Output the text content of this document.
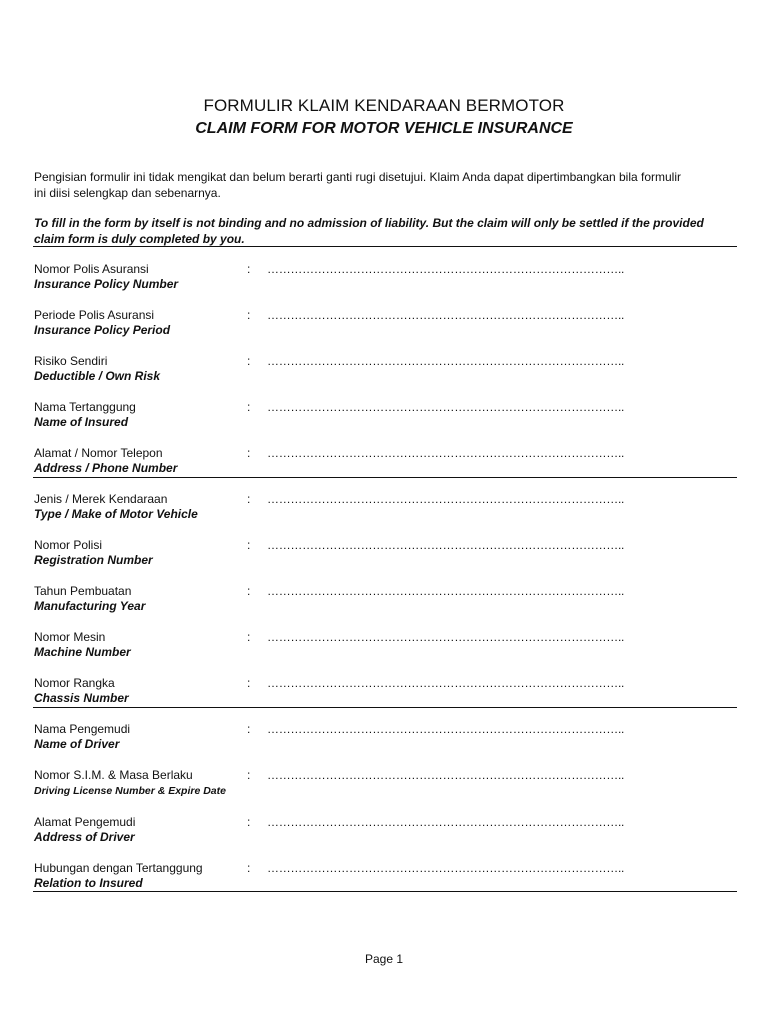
FORMULIR KLAIM KENDARAAN BERMOTOR
CLAIM FORM FOR MOTOR VEHICLE INSURANCE
Pengisian formulir ini tidak mengikat dan belum berarti ganti rugi disetujui. Klaim Anda dapat dipertimbangkan bila formulir ini diisi selengkap dan sebenarnya.
To fill in the form by itself is not binding and no admission of liability. But the claim will only be settled if the provided claim form is duly completed by you.
Nomor Polis Asuransi
Insurance Policy Number
: ………………………………………………………………………………..
Periode Polis Asuransi
Insurance Policy Period
: ………………………………………………………………………………..
Risiko Sendiri
Deductible / Own Risk
: ………………………………………………………………………………..
Nama Tertanggung
Name of Insured
: ………………………………………………………………………………..
Alamat / Nomor Telepon
Address / Phone Number
: ………………………………………………………………………………..
Jenis / Merek Kendaraan
Type / Make of Motor Vehicle
: ………………………………………………………………………………..
Nomor Polisi
Registration Number
: ………………………………………………………………………………..
Tahun Pembuatan
Manufacturing Year
: ………………………………………………………………………………..
Nomor Mesin
Machine Number
: ………………………………………………………………………………..
Nomor Rangka
Chassis Number
: ………………………………………………………………………………..
Nama Pengemudi
Name of Driver
: ………………………………………………………………………………..
Nomor S.I.M. & Masa Berlaku
Driving License Number & Expire Date
: ………………………………………………………………………………..
Alamat Pengemudi
Address of Driver
: ………………………………………………………………………………..
Hubungan dengan Tertanggung
Relation to Insured
: ………………………………………………………………………………..
Page 1
